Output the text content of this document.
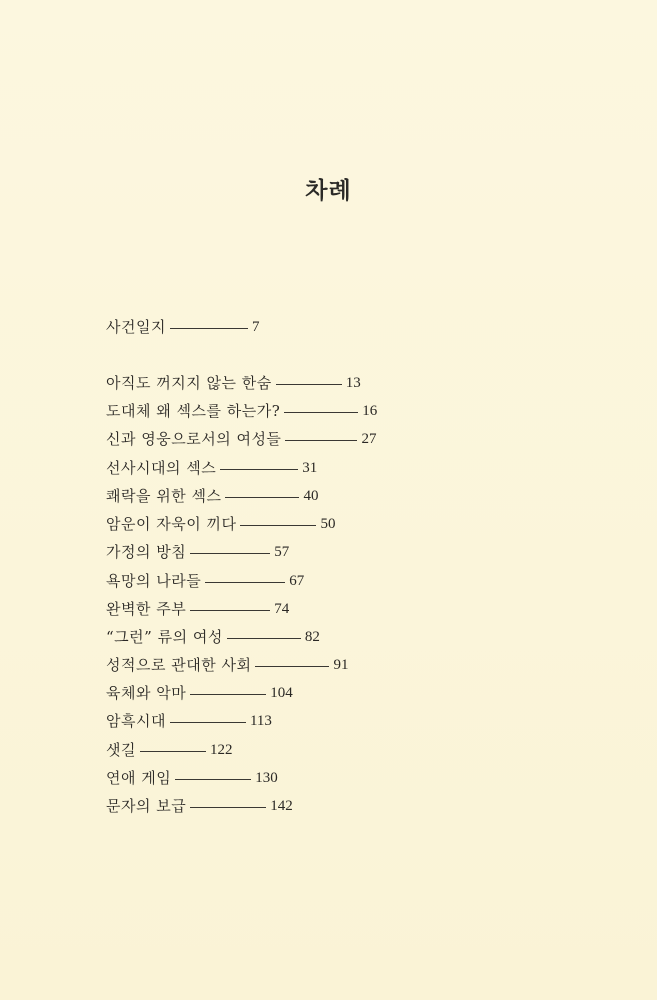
차례
사건일지	7
아직도 꺼지지 않는 한숨	13
도대체 왜 섹스를 하는가?	16
신과 영웅으로서의 여성들	27
선사시대의 섹스	31
쾌락을 위한 섹스	40
암운이 자욱이 끼다	50
가정의 방침	57
욕망의 나라들	67
완벽한 주부	74
“그런” 류의 여성	82
성적으로 관대한 사회	91
육체와 악마	104
암흑시대	113
샛길	122
연애 게임	130
문자의 보급	142
